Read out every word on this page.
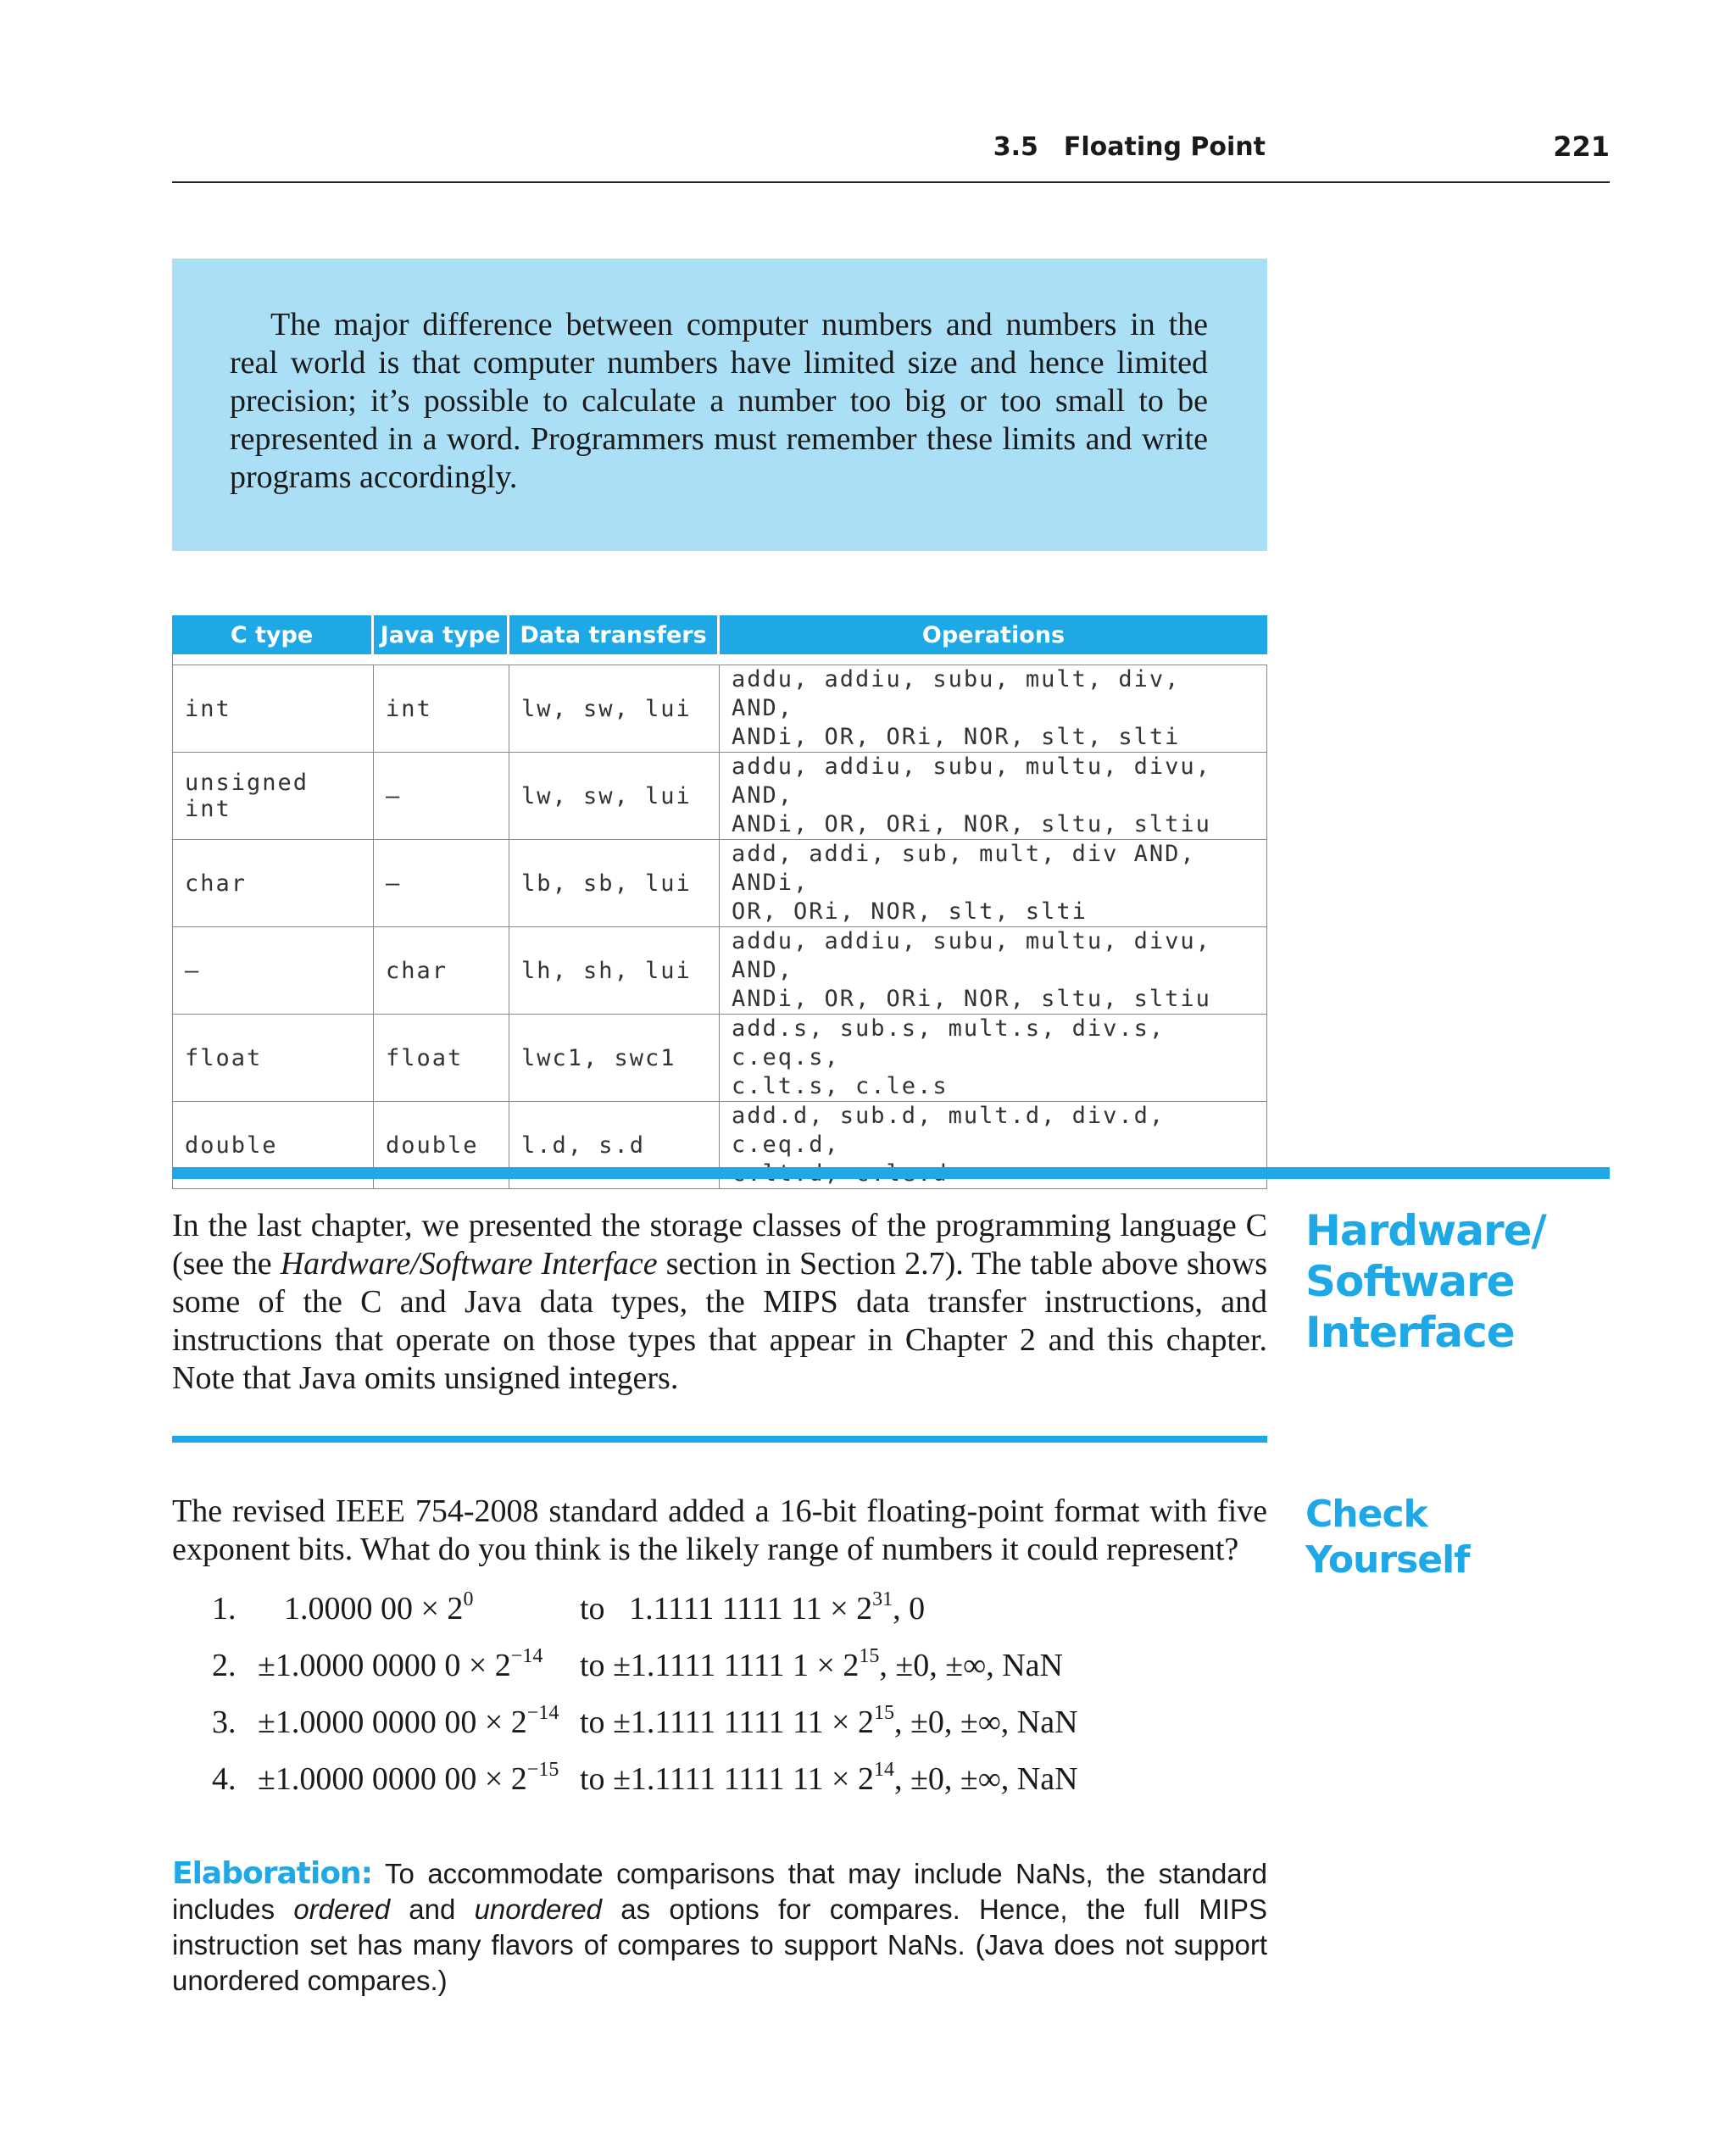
3.5 Floating Point	221

The major difference between computer numbers and numbers in the real world is that computer numbers have limited size and hence limited precision; it’s possible to calculate a number too big or too small to be represented in a word. Programmers must remember these limits and write programs accordingly.

C type	Java type	Data transfers	Operations

int	int	lw, sw, lui	addu, addiu, subu, mult, div, AND,
ANDi, OR, ORi, NOR, slt, slti

unsigned int	—	lw, sw, lui	addu, addiu, subu, multu, divu, AND,
ANDi, OR, ORi, NOR, sltu, sltiu

char	—	lb, sb, lui	add, addi, sub, mult, div AND, ANDi,
OR, ORi, NOR, slt, slti

—	char	lh, sh, lui	addu, addiu, subu, multu, divu, AND,
ANDi, OR, ORi, NOR, sltu, sltiu

float	float	lwc1, swc1	add.s, sub.s, mult.s, div.s, c.eq.s,
c.lt.s, c.le.s

double	double	l.d, s.d	add.d, sub.d, mult.d, div.d, c.eq.d,

In the last chapter, we presented the storage classes of the programming language C (see the Hardware/Software Interface section in Section 2.7). The table above shows some of the C and Java data types, the MIPS data transfer instructions, and instructions that operate on those types that appear in Chapter 2 and this chapter. Note that Java omits unsigned integers.

Hardware/
Software
Interface

The revised IEEE 754-2008 standard added a 16-bit floating-point format with five exponent bits. What do you think is the likely range of numbers it could represent?

Check
Yourself
1. 1.0000 $00 \times 2^0$	to 1.1111 1111 $11 \times 2^{31}$, 0
2. ±1.0000 0000 $0 \times 2^{-14}$ to ±1.1111 1111 $1 \times 2^{15}$, ±0, ±∞, NaN
3. ±1.0000 0000 $00 \times 2^{-14}$ to ±1.1111 1111 $11 \times 2^{15}$, ±0, ±∞, NaN
4. ±1.0000 0000 $00 \times 2^{-15}$ to ±1.1111 1111 $11 \times 2^{14}$, ±0, ±∞, NaN

Elaboration: To accommodate comparisons that may include NaNs, the standard includes ordered and unordered as options for compares. Hence, the full MIPS instruction set has many flavors of compares to support NaNs. (Java does not support unordered compares.)
